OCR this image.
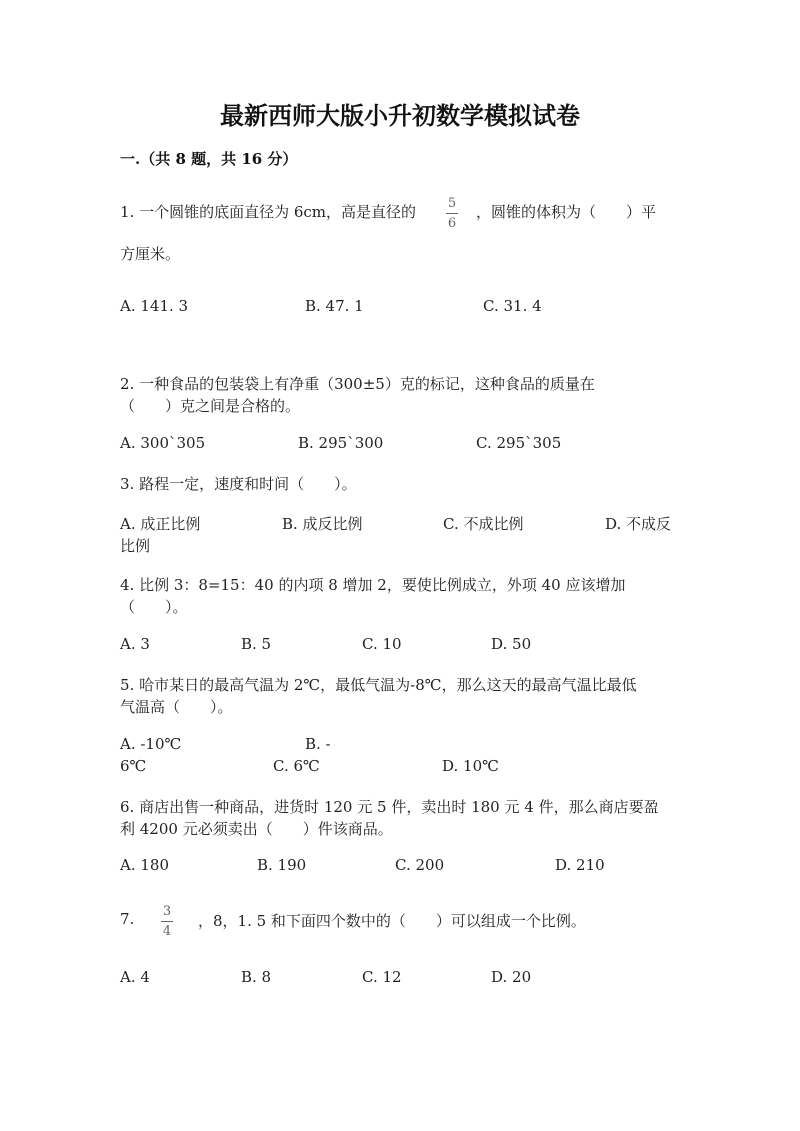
最新西师大版小升初数学模拟试卷
一.（共 8 题，共 16 分）
1. 一个圆锥的底面直径为 6cm，高是直径的 5
6
，圆锥的体积为（　　）平
方厘米。
A. 141. 3	B. 47. 1	C. 31. 4
2. 一种食品的包装袋上有净重（300±5）克的标记，这种食品的质量在
（　　）克之间是合格的。
A. 300`305	B. 295`300	C. 295`305
3. 路程一定，速度和时间（　　）。
A. 成正比例	B. 成反比例	C. 不成比例	D. 不成反
比例
4. 比例 3：8=15：40 的内项 8 增加 2，要使比例成立，外项 40 应该增加
（　　）。
A. 3	B. 5	C. 10	D. 50
5. 哈市某日的最高气温为 2℃，最低气温为-8℃，那么这天的最高气温比最低
气温高（　　）。
A. -10℃	B. -
6℃	C. 6℃	D. 10℃
6. 商店出售一种商品，进货时 120 元 5 件，卖出时 180 元 4 件，那么商店要盈
利 4200 元必须卖出（　　）件该商品。
A. 180	B. 190	C. 200	D. 210
7. 3
4
，8，1. 5 和下面四个数中的（　　）可以组成一个比例。
A. 4	B. 8	C. 12	D. 20
